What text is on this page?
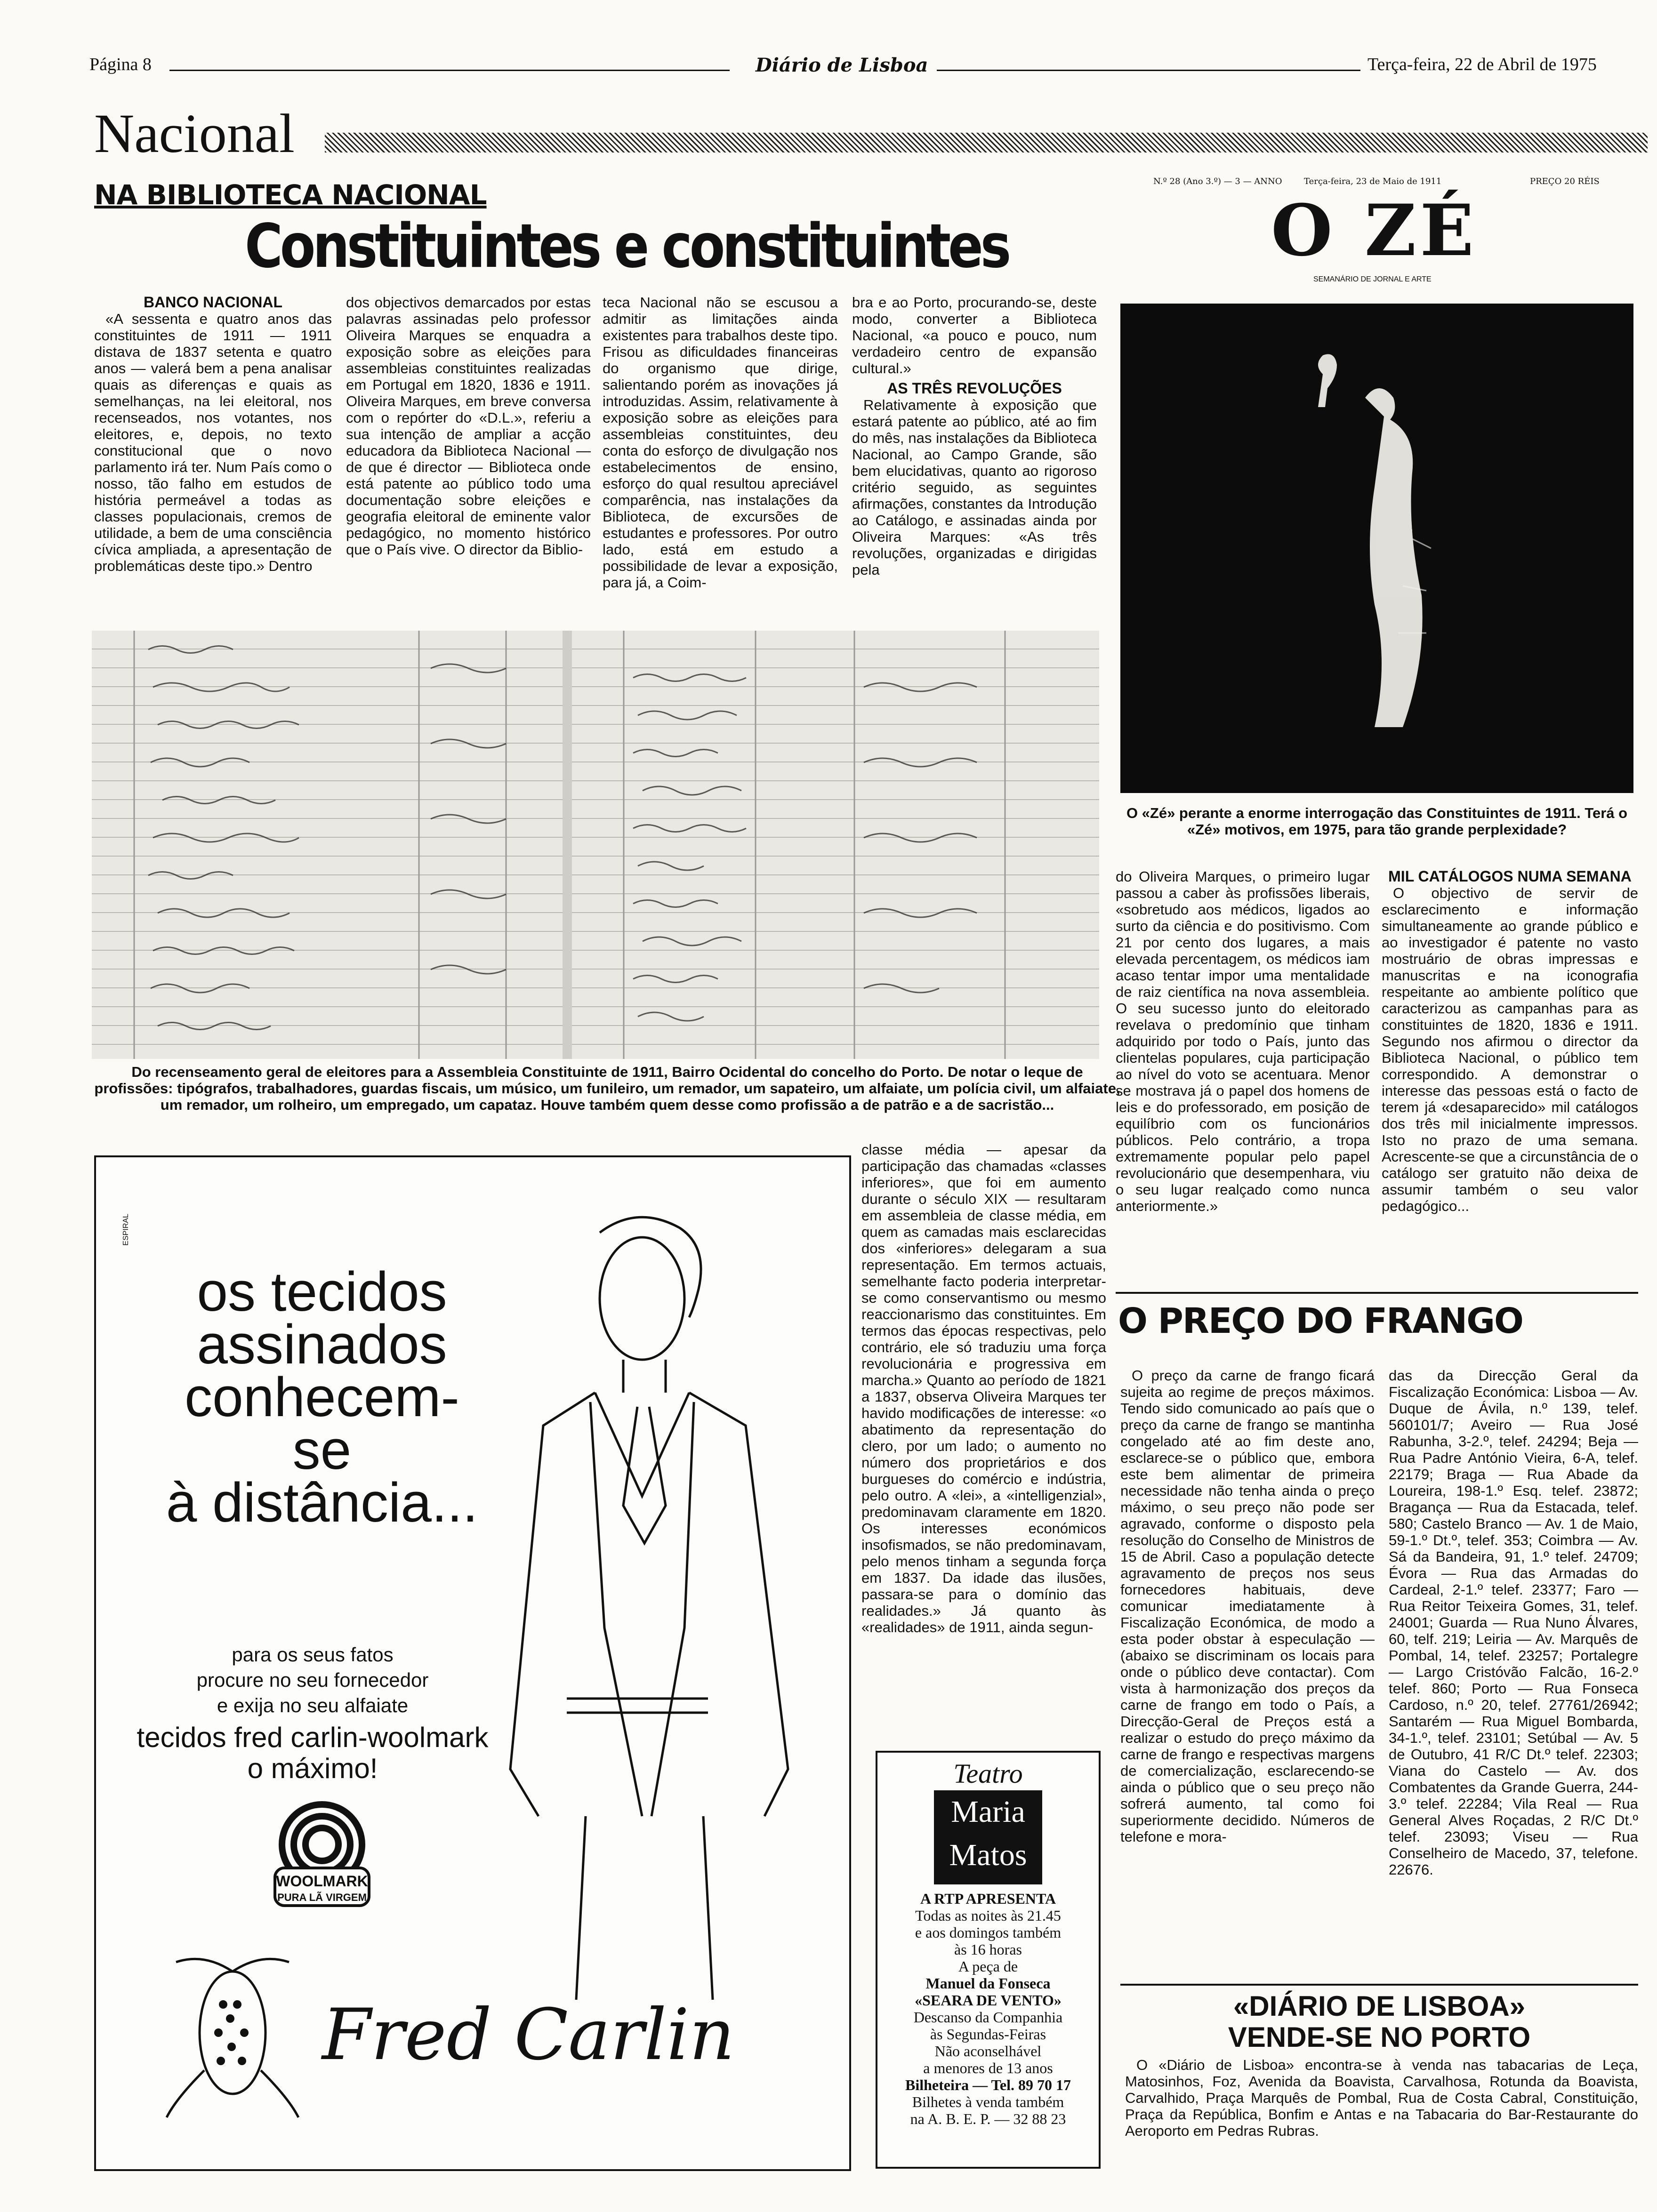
Página 8	Diário de Lisboa	Terça-feira, 22 de Abril de 1975
Nacional
NA BIBLIOTECA NACIONAL
Constituintes e constituintes
BANCO NACIONAL

«A sessenta e quatro anos das constituintes de 1911 — 1911 distava de 1837 setenta e quatro anos — valerá bem a pena analisar quais as diferenças e quais as semelhanças, na lei eleitoral, nos recenseados, nos votantes, nos eleitores, e, depois, no texto constitucional que o novo parlamento irá ter. Num País como o nosso, tão falho em estudos de história permeável a todas as classes populacionais, cremos de utilidade, a bem de uma consciência cívica ampliada, a apresentação de problemáticas deste tipo.» Dentro

dos objectivos demarcados por estas palavras assinadas pelo professor Oliveira Marques se enquadra a exposição sobre as eleições para assembleias constituintes realizadas em Portugal em 1820, 1836 e 1911. Oliveira Marques, em breve conversa com o repórter do «D.L.», referiu a sua intenção de ampliar a acção educadora da Biblioteca Nacional — de que é director — Biblioteca onde está patente ao público todo uma documentação sobre eleições e geografia eleitoral de eminente valor pedagógico, no momento histórico que o País vive. O director da Biblio-

teca Nacional não se escusou a admitir as limitações ainda existentes para trabalhos deste tipo. Frisou as dificuldades financeiras do organismo que dirige, salientando porém as inovações já introduzidas. Assim, relativamente à exposição sobre as eleições para assembleias constituintes, deu conta do esforço de divulgação nos estabelecimentos de ensino, esforço do qual resultou apreciável comparência, nas instalações da Biblioteca, de excursões de estudantes e professores. Por outro lado, está em estudo a possibilidade de levar a exposição, para já, a Coim-

bra e ao Porto, procurando-se, deste modo, converter a Biblioteca Nacional, «a pouco e pouco, num verdadeiro centro de expansão cultural.»

AS TRÊS REVOLUÇÕES

Relativamente à exposição que estará patente ao público, até ao fim do mês, nas instalações da Biblioteca Nacional, ao Campo Grande, são bem elucidativas, quanto ao rigoroso critério seguido, as seguintes afirmações, constantes da Introdução ao Catálogo, e assinadas ainda por Oliveira Marques: «As três revoluções, organizadas e dirigidas pela

Do recenseamento geral de eleitores para a Assembleia Constituinte de 1911, Bairro Ocidental do concelho do Porto. De notar o leque de profissões: tipógrafos, trabalhadores, guardas fiscais, um músico, um funileiro, um remador, um sapateiro, um alfaiate, um polícia civil, um alfaiate, um remador, um rolheiro, um empregado, um capataz. Houve também quem desse como profissão a de patrão e a de sacristão...
ESPIRAL
os tecidos
assinados
conhecem-se
à distância...
para os seus fatos
procure no seu fornecedor
e exija no seu alfaiate
tecidos fred carlin-woolmark
o máximo!
WOOLMARK
PURA LÃ VIRGEM
Fred Carlin

classe média — apesar da participação das chamadas «classes inferiores», que foi em aumento durante o século XIX — resultaram em assembleia de classe média, em quem as camadas mais esclarecidas dos «inferiores» delegaram a sua representação. Em termos actuais, semelhante facto poderia interpretar-se como conservantismo ou mesmo reaccionarismo das constituintes. Em termos das épocas respectivas, pelo contrário, ele só traduziu uma força revolucionária e progressiva em marcha.» Quanto ao período de 1821 a 1837, observa Oliveira Marques ter havido modificações de interesse: «o abatimento da representação do clero, por um lado; o aumento no número dos proprietários e dos burgueses do comércio e indústria, pelo outro. A «lei», a «intelligenzial», predominavam claramente em 1820. Os interesses económicos insofismados, se não predominavam, pelo menos tinham a segunda força em 1837. Da idade das ilusões, passara-se para o domínio das realidades.» Já quanto às «realidades» de 1911, ainda segun-

Teatro
Maria Matos
A RTP APRESENTA
Todas as noites às 21.45
e aos domingos também
às 16 horas
A peça de
Manuel da Fonseca
«SEARA DE VENTO»
Descanso da Companhia
às Segundas-Feiras
Não aconselhável
a menores de 13 anos
Bilheteira — Tel. 89 70 17
Bilhetes à venda também
na A. B. E. P. — 32 88 23
N.º 28 (Ano 3.º) — 3 — ANNO	Terça-feira, 23 de Maio de 1911	PREÇO 20 RÉIS
O ZÉ
SEMANÁRIO DE JORNAL E ARTE
O «Zé» perante a enorme interrogação das Constituintes de 1911. Terá o «Zé» motivos, em 1975, para tão grande perplexidade?

do Oliveira Marques, o primeiro lugar passou a caber às profissões liberais, «sobretudo aos médicos, ligados ao surto da ciência e do positivismo. Com 21 por cento dos lugares, a mais elevada percentagem, os médicos iam acaso tentar impor uma mentalidade de raiz científica na nova assembleia. O seu sucesso junto do eleitorado revelava o predomínio que tinham adquirido por todo o País, junto das clientelas populares, cuja participação ao nível do voto se acentuara. Menor se mostrava já o papel dos homens de leis e do professorado, em posição de equilíbrio com os funcionários públicos. Pelo contrário, a tropa extremamente popular pelo papel revolucionário que desempenhara, viu o seu lugar realçado como nunca anteriormente.»

MIL CATÁLOGOS NUMA SEMANA

O objectivo de servir de esclarecimento e informação simultaneamente ao grande público e ao investigador é patente no vasto mostruário de obras impressas e manuscritas e na iconografia respeitante ao ambiente político que caracterizou as campanhas para as constituintes de 1820, 1836 e 1911. Segundo nos afirmou o director da Biblioteca Nacional, o público tem correspondido. A demonstrar o interesse das pessoas está o facto de terem já «desaparecido» mil catálogos dos três mil inicialmente impressos. Isto no prazo de uma semana. Acrescente-se que a circunstância de o catálogo ser gratuito não deixa de assumir também o seu valor pedagógico...

O PREÇO DO FRANGO

O preço da carne de frango ficará sujeita ao regime de preços máximos. Tendo sido comunicado ao país que o preço da carne de frango se mantinha congelado até ao fim deste ano, esclarece-se o público que, embora este bem alimentar de primeira necessidade não tenha ainda o preço máximo, o seu preço não pode ser agravado, conforme o disposto pela resolução do Conselho de Ministros de 15 de Abril. Caso a população detecte agravamento de preços nos seus fornecedores habituais, deve comunicar imediatamente à Fiscalização Económica, de modo a esta poder obstar à especulação — (abaixo se discriminam os locais para onde o público deve contactar). Com vista à harmonização dos preços da carne de frango em todo o País, a Direcção-Geral de Preços está a realizar o estudo do preço máximo da carne de frango e respectivas margens de comercialização, esclarecendo-se ainda o público que o seu preço não sofrerá aumento, tal como foi superiormente decidido. Números de telefone e mora-

das da Direcção Geral da Fiscalização Económica: Lisboa — Av. Duque de Ávila, n.º 139, telef. 560101/7; Aveiro — Rua José Rabunha, 3-2.º, telef. 24294; Beja — Rua Padre António Vieira, 6-A, telef. 22179; Braga — Rua Abade da Loureira, 198-1.º Esq. telef. 23872; Bragança — Rua da Estacada, telef. 580; Castelo Branco — Av. 1 de Maio, 59-1.º Dt.º, telef. 353; Coimbra — Av. Sá da Bandeira, 91, 1.º telef. 24709; Évora — Rua das Armadas do Cardeal, 2-1.º telef. 23377; Faro — Rua Reitor Teixeira Gomes, 31, telef. 24001; Guarda — Rua Nuno Álvares, 60, telf. 219; Leiria — Av. Marquês de Pombal, 14, telef. 23257; Portalegre — Largo Cristóvão Falcão, 16-2.º telef. 860; Porto — Rua Fonseca Cardoso, n.º 20, telef. 27761/26942; Santarém — Rua Miguel Bombarda, 34-1.º, telef. 23101; Setúbal — Av. 5 de Outubro, 41 R/C Dt.º telef. 22303; Viana do Castelo — Av. dos Combatentes da Grande Guerra, 244-3.º telef. 22284; Vila Real — Rua General Alves Roçadas, 2 R/C Dt.º telef. 23093; Viseu — Rua Conselheiro de Macedo, 37, telefone. 22676.

«DIÁRIO DE LISBOA»
VENDE-SE NO PORTO

O «Diário de Lisboa» encontra-se à venda nas tabacarias de Leça, Matosinhos, Foz, Avenida da Boavista, Carvalhosa, Rotunda da Boavista, Carvalhido, Praça Marquês de Pombal, Rua de Costa Cabral, Constituição, Praça da República, Bonfim e Antas e na Tabacaria do Bar-Restaurante do Aeroporto em Pedras Rubras.
